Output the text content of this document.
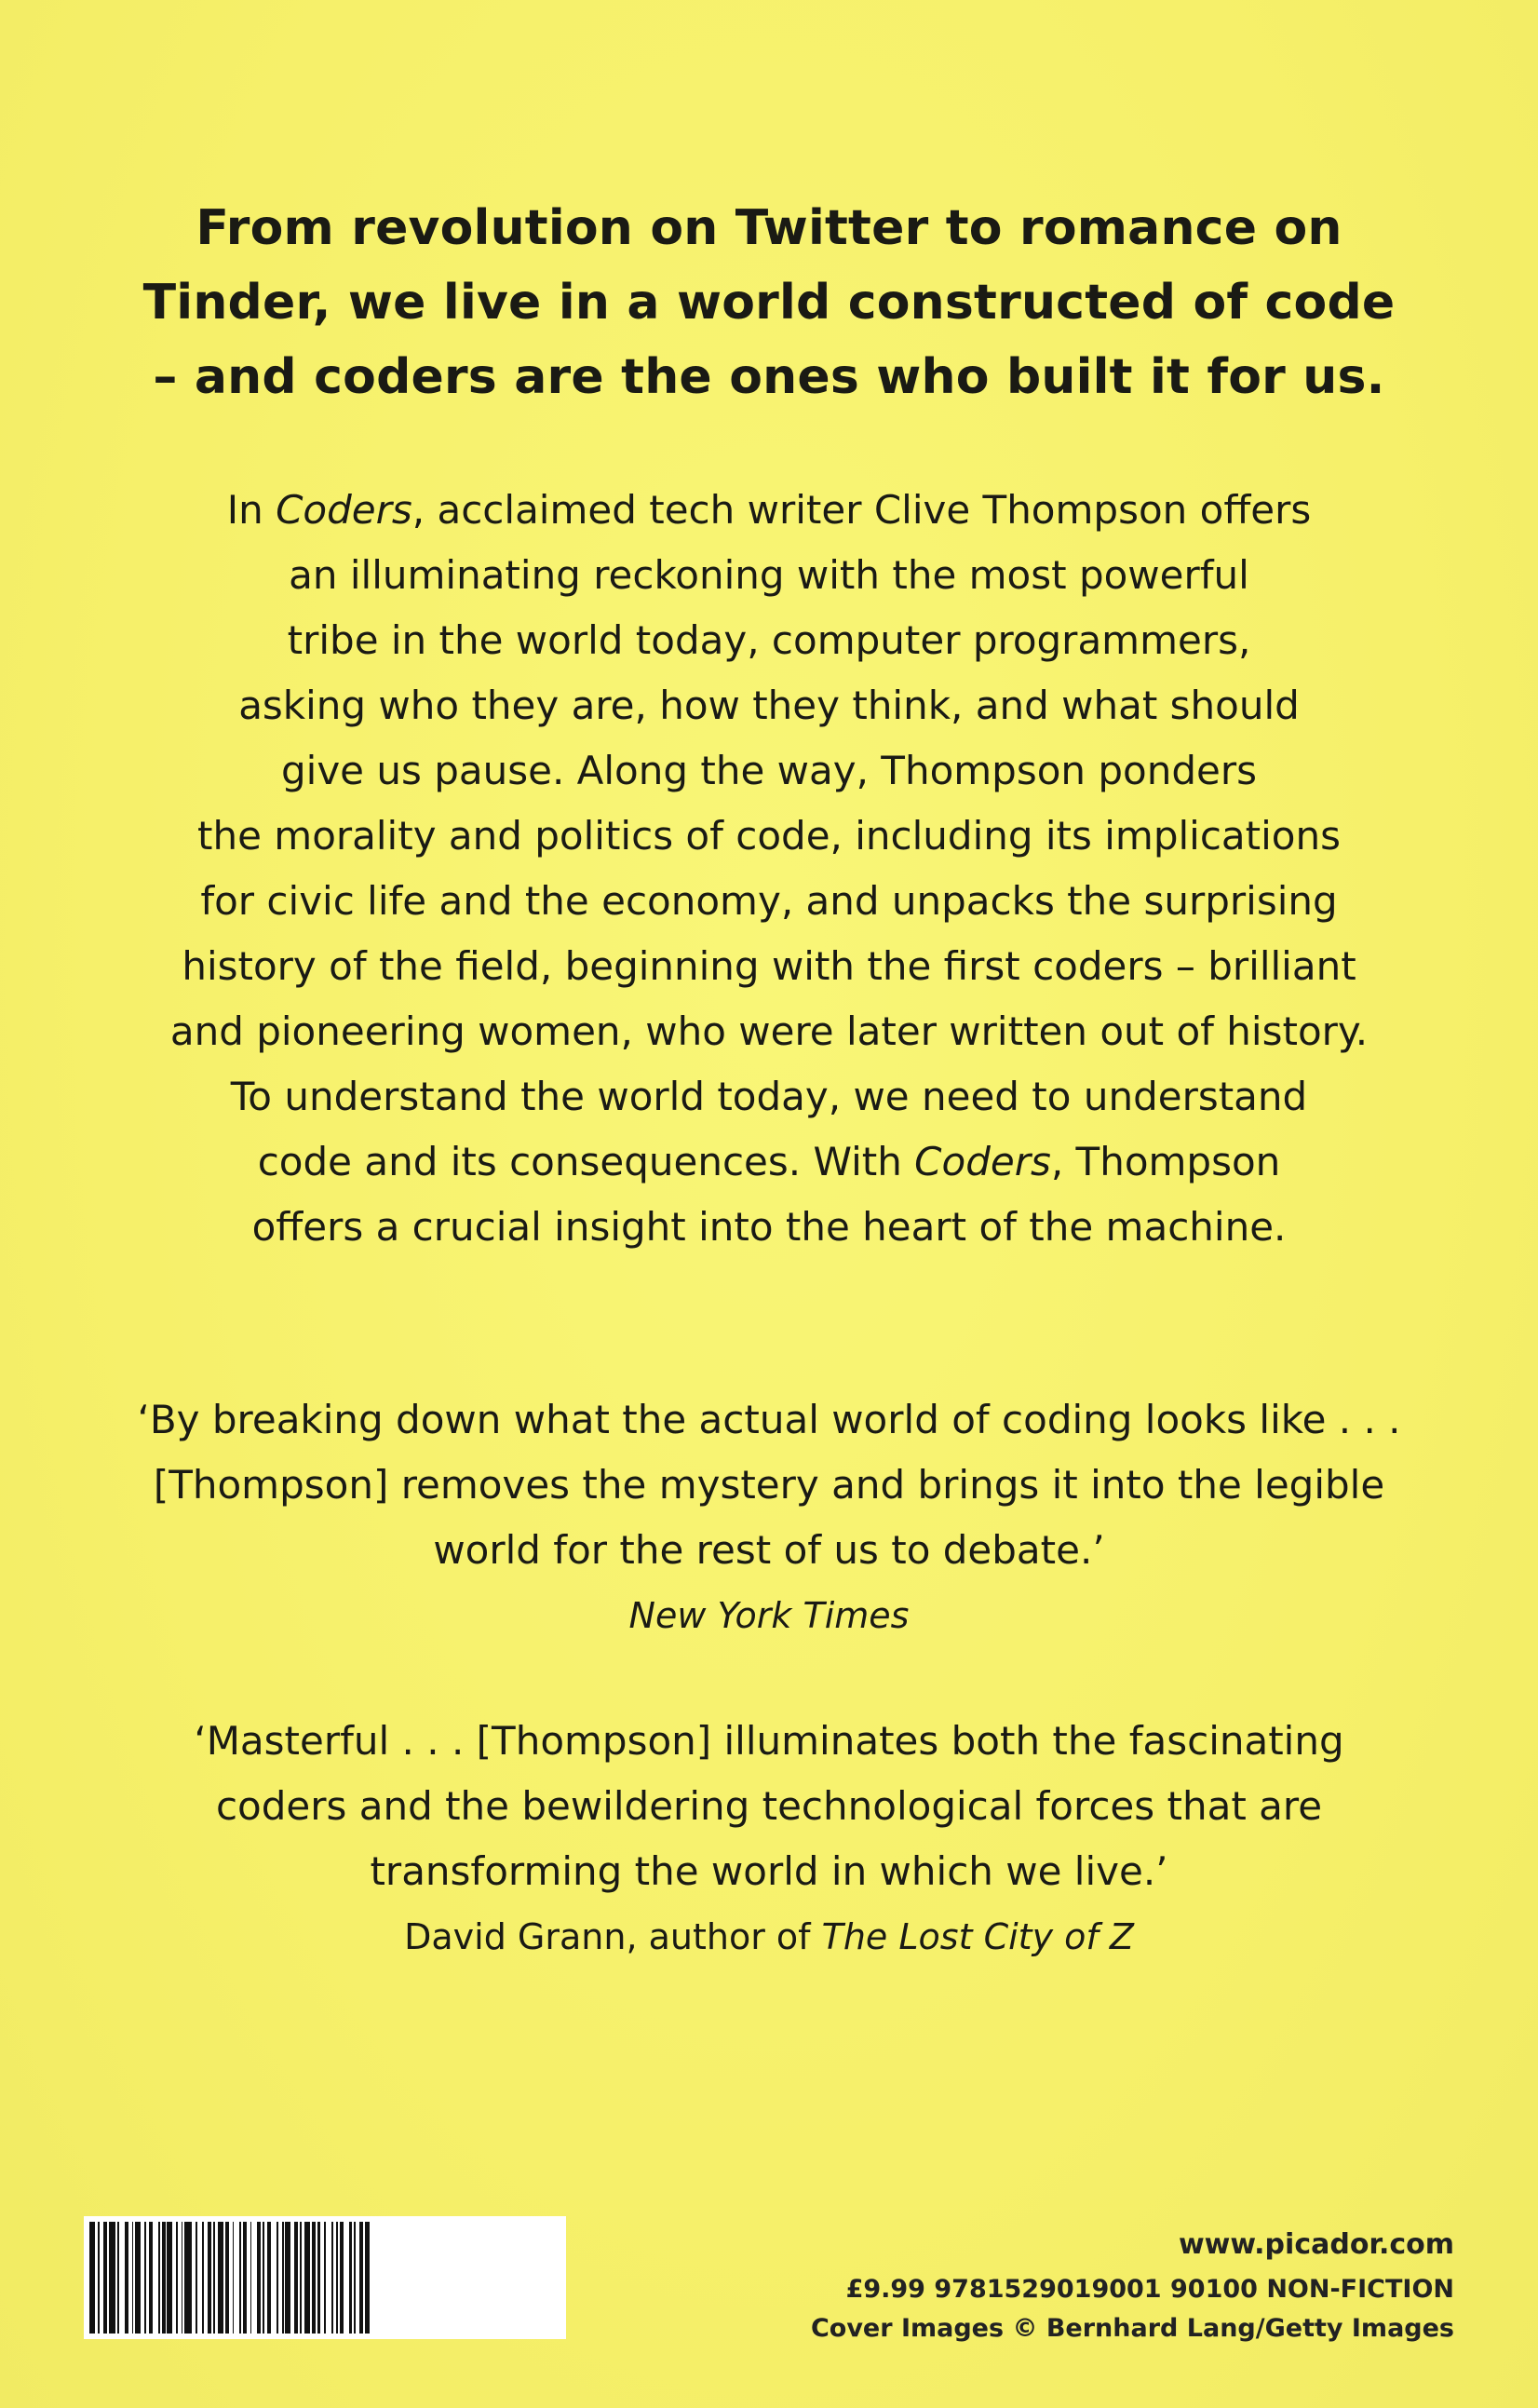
From revolution on Twitter to romance on
Tinder, we live in a world constructed of code
– and coders are the ones who built it for us.
In Coders, acclaimed tech writer Clive Thompson offers
an illuminating reckoning with the most powerful
tribe in the world today, computer programmers,
asking who they are, how they think, and what should
give us pause. Along the way, Thompson ponders
the morality and politics of code, including its implications
for civic life and the economy, and unpacks the surprising
history of the field, beginning with the first coders – brilliant
and pioneering women, who were later written out of history.
To understand the world today, we need to understand
code and its consequences. With Coders, Thompson
offers a crucial insight into the heart of the machine.
‘By breaking down what the actual world of coding looks like . . .
[Thompson] removes the mystery and brings it into the legible
world for the rest of us to debate.’
New York Times
‘Masterful . . . [Thompson] illuminates both the fascinating
coders and the bewildering technological forces that are
transforming the world in which we live.’
David Grann, author of The Lost City of Z
www.picador.com
£9.99 9781529019001 90100 NON-FICTION
Cover Images © Bernhard Lang/Getty Images
